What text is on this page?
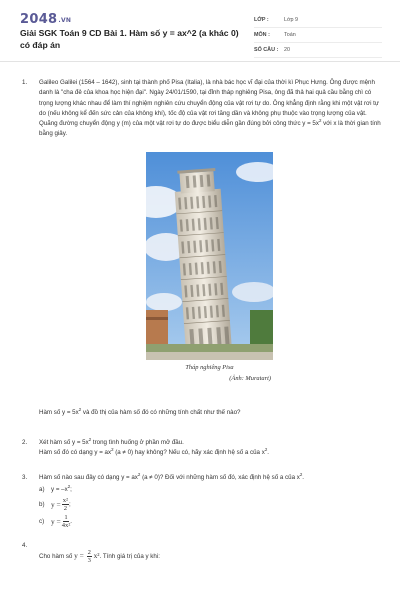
2048.VN
Giải SGK Toán 9 CD Bài 1. Hàm số y = ax^2 (a khác 0) có đáp án
LỚP :	Lớp 9
MÔN :	Toán
SỐ CÂU :	20
1. Galileo Galilei (1564 – 1642), sinh tại thành phố Pisa (Italia), là nhà bác học vĩ đại của thời kì Phục Hưng. Ông được mệnh danh là "cha đẻ của khoa học hiện đại". Ngày 24/01/1590, tại đỉnh tháp nghiêng Pisa, ông đã thả hai quả cầu bằng chì có trọng lượng khác nhau để làm thí nghiệm nghiên cứu chuyển động của vật rơi tự do. Ông khẳng định rằng khi một vật rơi tự do (nếu không kể đến sức cản của không khí), tốc độ của vật rơi tăng dần và không phụ thuộc vào trọng lượng của vật. Quãng đường chuyển động y (m) của một vật rơi tự do được biểu diễn gần đúng bởi công thức $y = 5x^2$ với x là thời gian tính bằng giây.

Tháp nghiêng Pisa
(Ảnh: Muratart)

Hàm số $y = 5x^2$ và đồ thị của hàm số đó có những tính chất như thế nào?

2. Xét hàm số $y = 5x^2$ trong tình huống ở phần mở đầu.

Hàm số đó có dạng $y = ax^2$ (a ≠ 0) hay không? Nếu có, hãy xác định hệ số a của $x^2$.

3. Hàm số nào sau đây có dạng $y = ax^2$ (a ≠ 0)? Đối với những hàm số đó, xác định hệ số a của $x^2$.

a)	$y = -x^2$;
b) $y = \frac{\text{x²}}{2}$ ;
c) $y = \frac{1}{\text{4x²}}$ .
4.

Cho hàm số $y = \frac{2}{3} x^2$. Tính giá trị của y khi:
